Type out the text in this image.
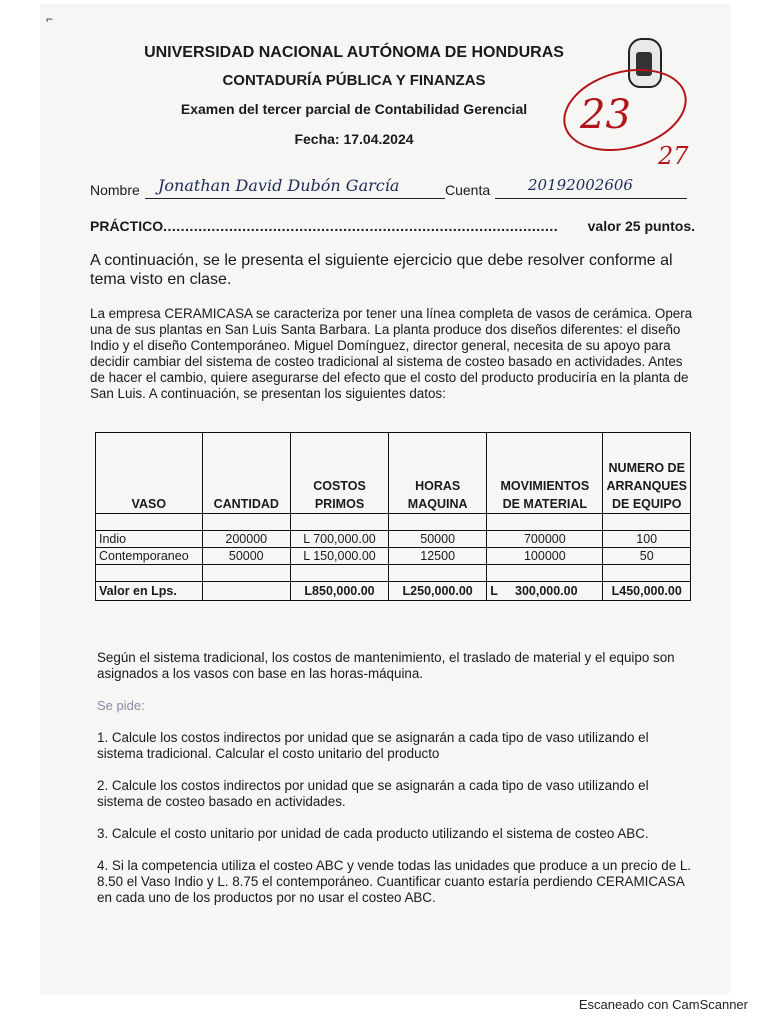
⌐
UNIVERSIDAD NACIONAL AUTÓNOMA DE HONDURAS
CONTADURÍA PÚBLICA Y FINANZAS
Examen del tercer parcial de Contabilidad Gerencial
Fecha: 17.04.2024
23
27
Nombre Jonathan David Dubón García	Cuenta	20192002606
PRÁCTICO.......................................................................................... valor 25 puntos.
A continuación, se le presenta el siguiente ejercicio que debe resolver conforme al tema visto en clase.
La empresa CERAMICASA se caracteriza por tener una línea completa de vasos de cerámica. Opera una de sus plantas en San Luis Santa Barbara. La planta produce dos diseños diferentes: el diseño Indio y el diseño Contemporáneo. Miguel Domínguez, director general, necesita de su apoyo para decidir cambiar del sistema de costeo tradicional al sistema de costeo basado en actividades. Antes de hacer el cambio, quiere asegurarse del efecto que el costo del producto produciría en la planta de San Luis. A continuación, se presentan los siguientes datos:
VASO	CANTIDAD	COSTOS PRIMOS	HORAS MAQUINA	MOVIMIENTOS DE MATERIAL	NUMERO DE ARRANQUES DE EQUIPO

Indio	200000	L 700,000.00	50000	700000	100
Contemporaneo	50000	L 150,000.00	12500	100000	50

Valor en Lps.		L850,000.00	L250,000.00	L     300,000.00	L450,000.00
Según el sistema tradicional, los costos de mantenimiento, el traslado de material y el equipo son asignados a los vasos con base en las horas-máquina.
Se pide:
1. Calcule los costos indirectos por unidad que se asignarán a cada tipo de vaso utilizando el sistema tradicional. Calcular el costo unitario del producto
2. Calcule los costos indirectos por unidad que se asignarán a cada tipo de vaso utilizando el sistema de costeo basado en actividades.
3. Calcule el costo unitario por unidad de cada producto utilizando el sistema de costeo ABC.
4. Si la competencia utiliza el costeo ABC y vende todas las unidades que produce a un precio de L. 8.50 el Vaso Indio y L. 8.75 el contemporáneo. Cuantificar cuanto estaría perdiendo CERAMICASA en cada uno de los productos por no usar el costeo ABC.
Escaneado con CamScanner
